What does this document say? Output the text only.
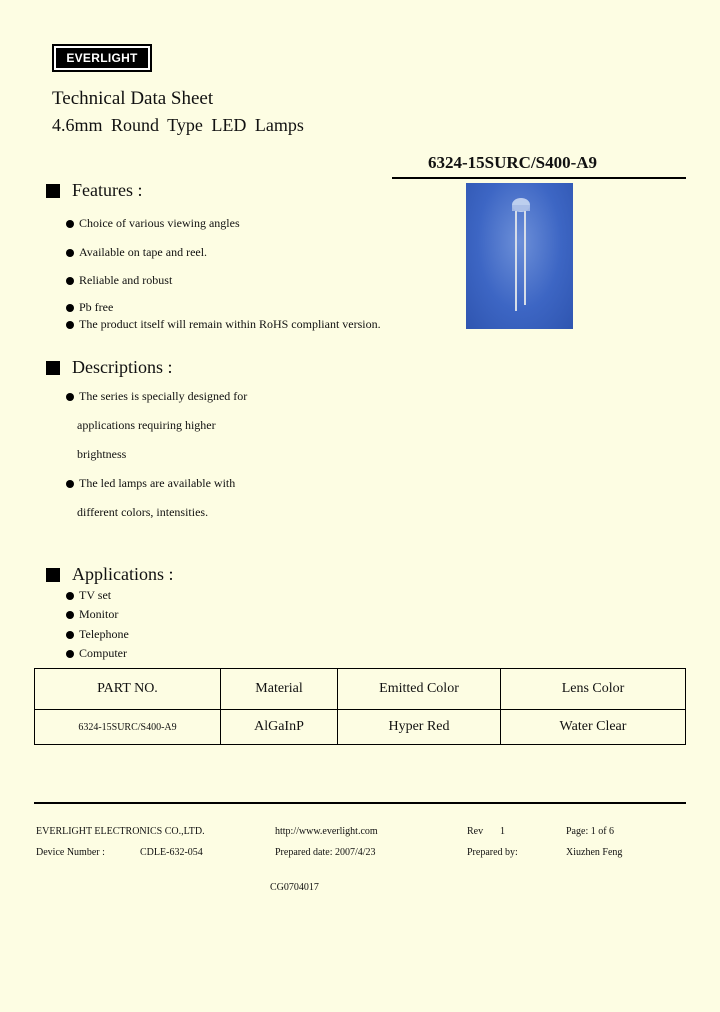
EVERLIGHT
Technical Data Sheet
4.6mm Round Type LED Lamps
6324-15SURC/S400-A9
Features :
Choice of various viewing angles
Available on tape and reel.
Reliable and robust
Pb free
The product itself will remain within RoHS compliant version.
Descriptions :
The series is specially designed for
applications requiring higher
brightness
The led lamps are available with
different colors, intensities.
Applications :
TV set
Monitor
Telephone
Computer
PART NO.	Material	Emitted Color	Lens Color
6324-15SURC/S400-A9	AlGaInP	Hyper Red	Water Clear
EVERLIGHT ELECTRONICS CO.,LTD.	http://www.everlight.com	Rev 1	Page: 1 of 6
Device Number :	CDLE-632-054	Prepared date: 2007/4/23	Prepared by:	Xiuzhen Feng
CG0704017
